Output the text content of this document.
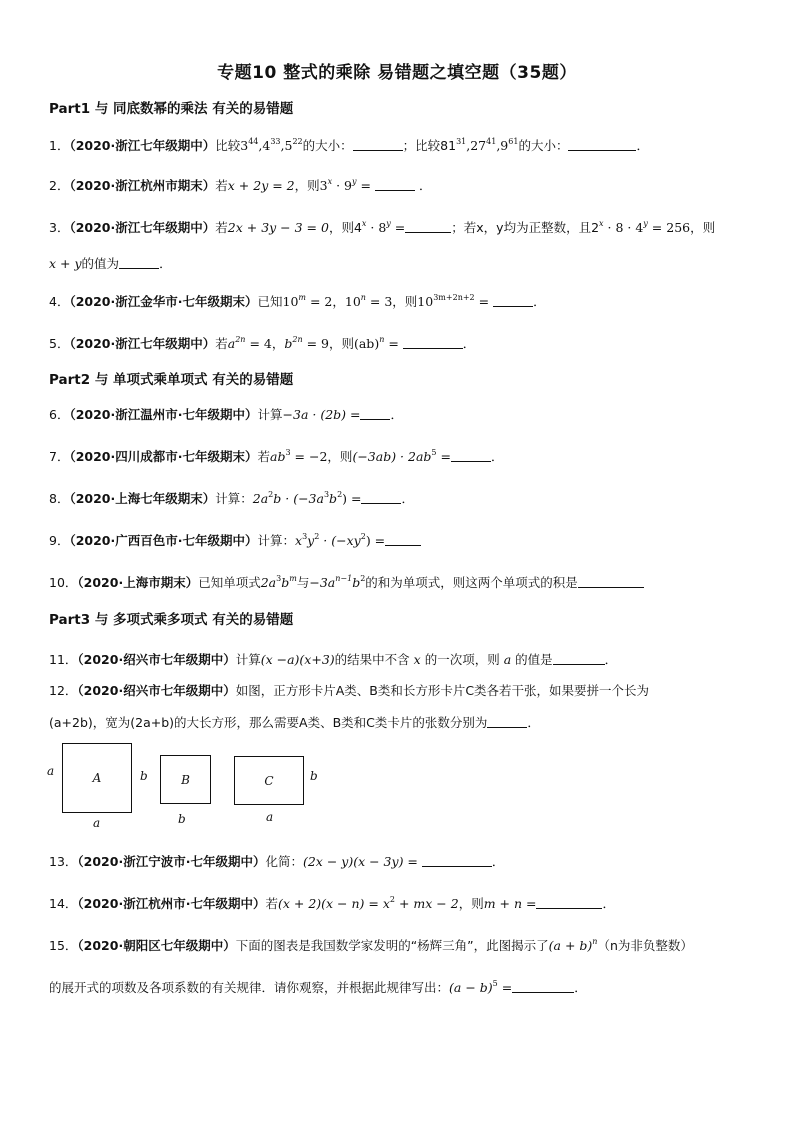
专题10 整式的乘除 易错题之填空题（35题）
Part1 与 同底数幂的乘法 有关的易错题
1．（2020·浙江七年级期中）比较$3^{44},4^{33},5^{22}$的大小：	；比较$81^{31},27^{41},9^{61}$的大小：	．
2．（2020·浙江杭州市期末）若x + 2y = 2，则$3^x \cdot 9^y$ =	．
3．（2020·浙江七年级期中）若2x + 3y − 3 = 0，则$4^x \cdot 8^y$ =	；若x，y均为正整数，且$2^x \cdot 8 \cdot 4^y = 256$，则
x + y的值为	．
4．（2020·浙江金华市·七年级期末）已知$10^m = 2$，$10^n = 3$，则$10^{3m+2n+2}$ =	．
5．（2020·浙江七年级期中）若$a^{2n} = 4$，$b^{2n} = 9$，则(ab)$^n$ =	．
Part2 与 单项式乘单项式 有关的易错题
6．（2020·浙江温州市·七年级期中）计算−3a · (2b) = ．
7．（2020·四川成都市·七年级期末）若$ab^3 = -2$，则$(-3ab) \cdot 2ab^5$ =	．
8．（2020·上海七年级期末）计算：$2a^2b \cdot (-3a^3b^2)$ =	．
9．（2020·广西百色市·七年级期中）计算：$x^3y^2 \cdot (-xy^2)$ =
10．（2020·上海市期末）已知单项式$2a^3b^m$与$-3a^{n-1}b^2$的和为单项式，则这两个单项式的积是
Part3 与 多项式乘多项式 有关的易错题
11．（2020·绍兴市七年级期中）计算(x −a)(x+3)的结果中不含 x 的一次项，则 a 的值是	．
12．（2020·绍兴市七年级期中）如图，正方形卡片A类、B类和长方形卡片C类各若干张，如果要拼一个长为
(a+2b)，宽为(2a+b)的大长方形，那么需要A类、B类和C类卡片的张数分别为	．
a	A	b
a
B
b
C	b
a
13．（2020·浙江宁波市·七年级期中）化简：(2x − y)(x − 3y) =	．
14．（2020·浙江杭州市·七年级期中）若$(x + 2)(x - n) = x^2$ + mx − 2，则m + n =	．
15．（2020·朝阳区七年级期中）下面的图表是我国数学家发明的“杨辉三角”，此图揭示了$(a + b)^n(n$为非负整数）
的展开式的项数及各项系数的有关规律．请你观察，并根据此规律写出：$(a - b)^5$ =	．
